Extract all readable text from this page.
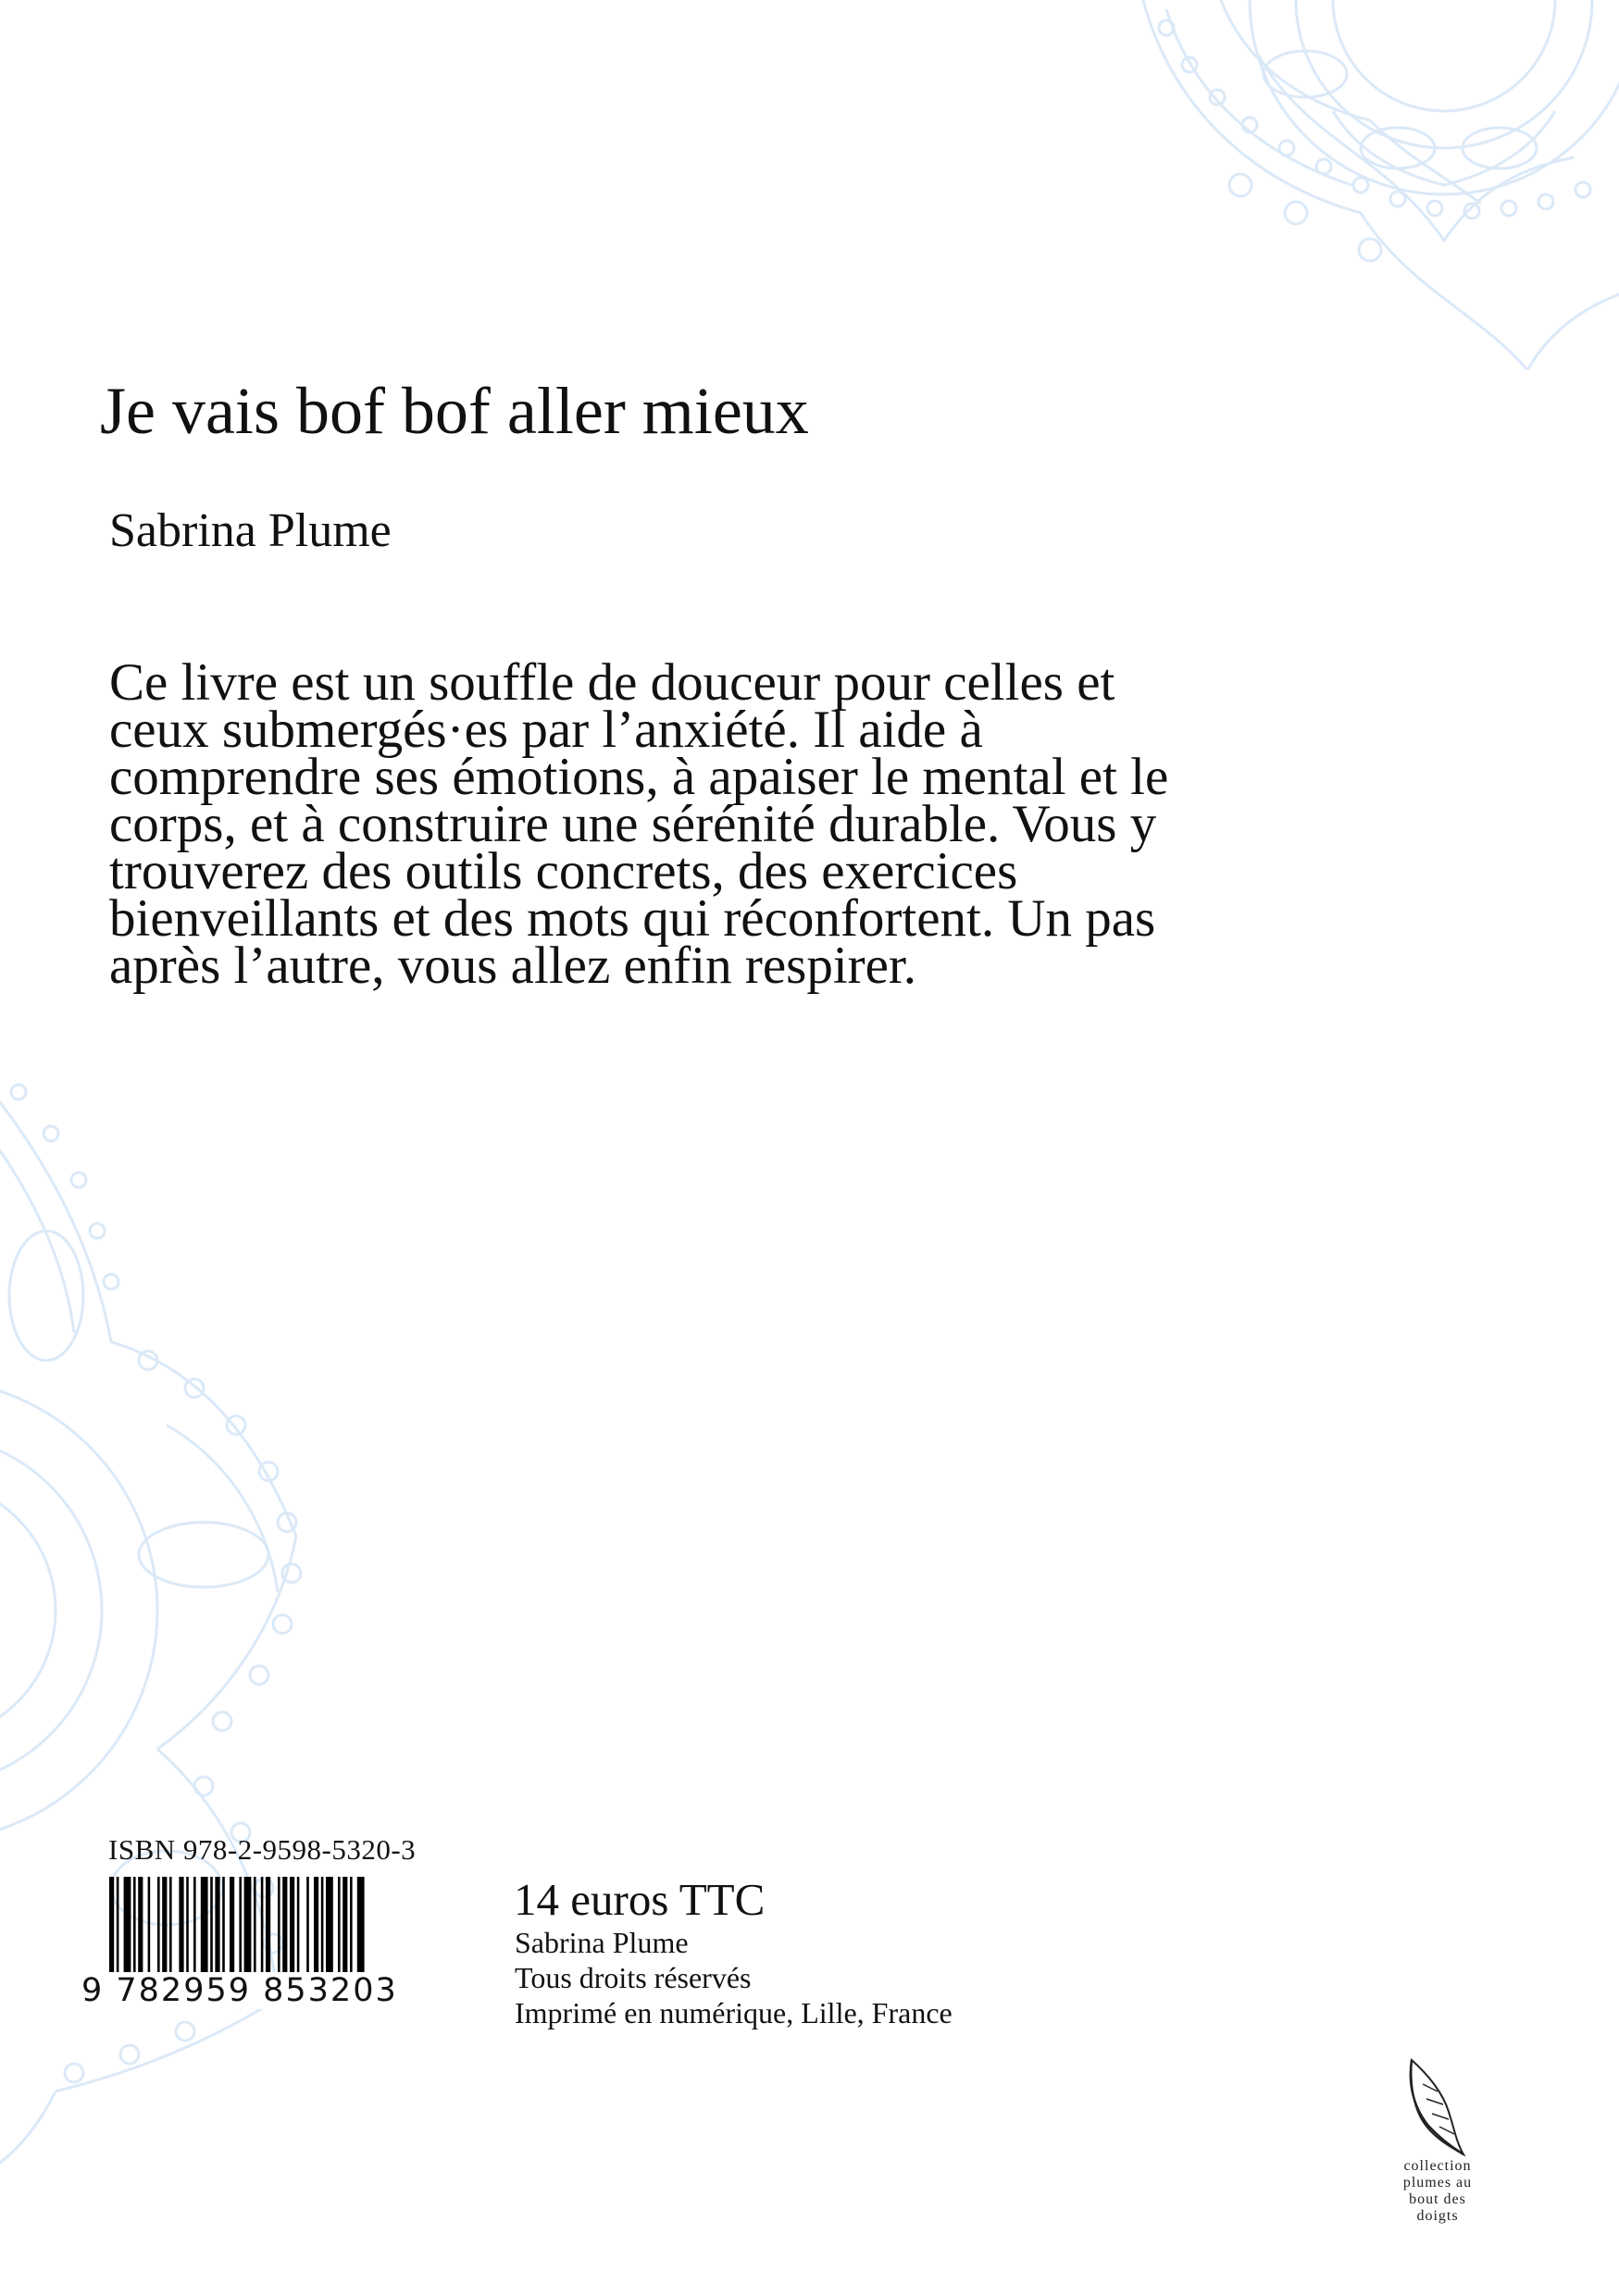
Je vais bof bof aller mieux
Sabrina Plume

Ce livre est un souffle de douceur pour celles et ceux submergés·es par l’anxiété. Il aide à comprendre ses émotions, à apaiser le mental et le corps, et à construire une sérénité durable. Vous y trouverez des outils concrets, des exercices bienveillants et des mots qui réconfortent. Un pas après l’autre, vous allez enfin respirer.

ISBN 978-2-9598-5320-3
9 782959 853203
14 euros TTC
Sabrina Plume
Tous droits réservés
Imprimé en numérique, Lille, France
collection plumes au bout des doigts
